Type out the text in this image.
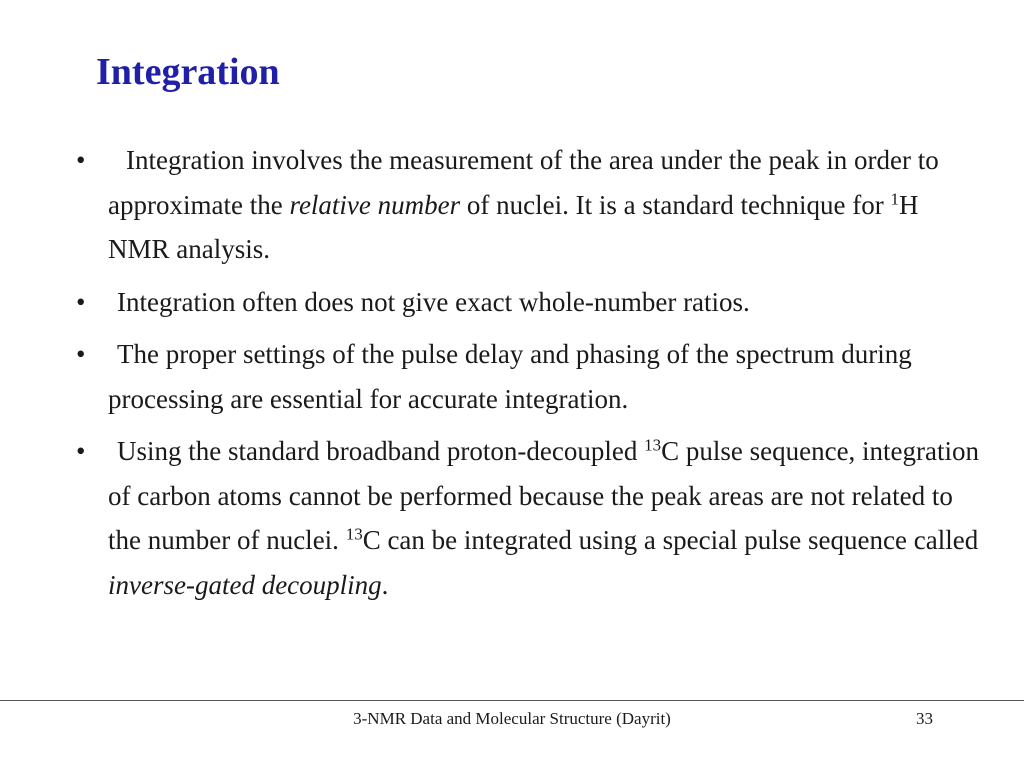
Integration
• Integration involves the measurement of the area under the peak in order to approximate the relative number of nuclei. It is a standard technique for $^1$H NMR analysis.
• Integration often does not give exact whole-number ratios.
• The proper settings of the pulse delay and phasing of the spectrum during processing are essential for accurate integration.
• Using the standard broadband proton-decoupled $^{13}$C pulse sequence, integration of carbon atoms cannot be performed because the peak areas are not related to the number of nuclei. $^{13}$C can be integrated using a special pulse sequence called inverse-gated decoupling.
3-NMR Data and Molecular Structure (Dayrit)	33
